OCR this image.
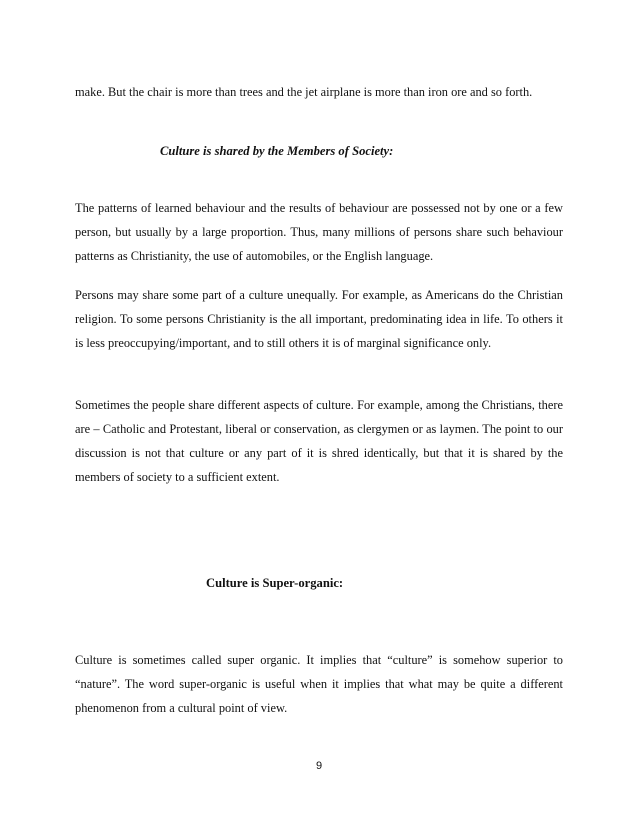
make. But the chair is more than trees and the jet airplane is more than iron ore and so forth.

Culture is shared by the Members of Society:

The patterns of learned behaviour and the results of behaviour are possessed not by one or a few person, but usually by a large proportion. Thus, many millions of persons share such behaviour patterns as Christianity, the use of automobiles, or the English language.

Persons may share some part of a culture unequally. For example, as Americans do the Christian religion. To some persons Christianity is the all important, predominating idea in life. To others it is less preoccupying/important, and to still others it is of marginal significance only.

Sometimes the people share different aspects of culture. For example, among the Christians, there are – Catholic and Protestant, liberal or conservation, as clergymen or as laymen. The point to our discussion is not that culture or any part of it is shred identically, but that it is shared by the members of society to a sufficient extent.

Culture is Super-organic:

Culture is sometimes called super organic. It implies that “culture” is somehow superior to “nature”. The word super-organic is useful when it implies that what may be quite a different phenomenon from a cultural point of view.

9
